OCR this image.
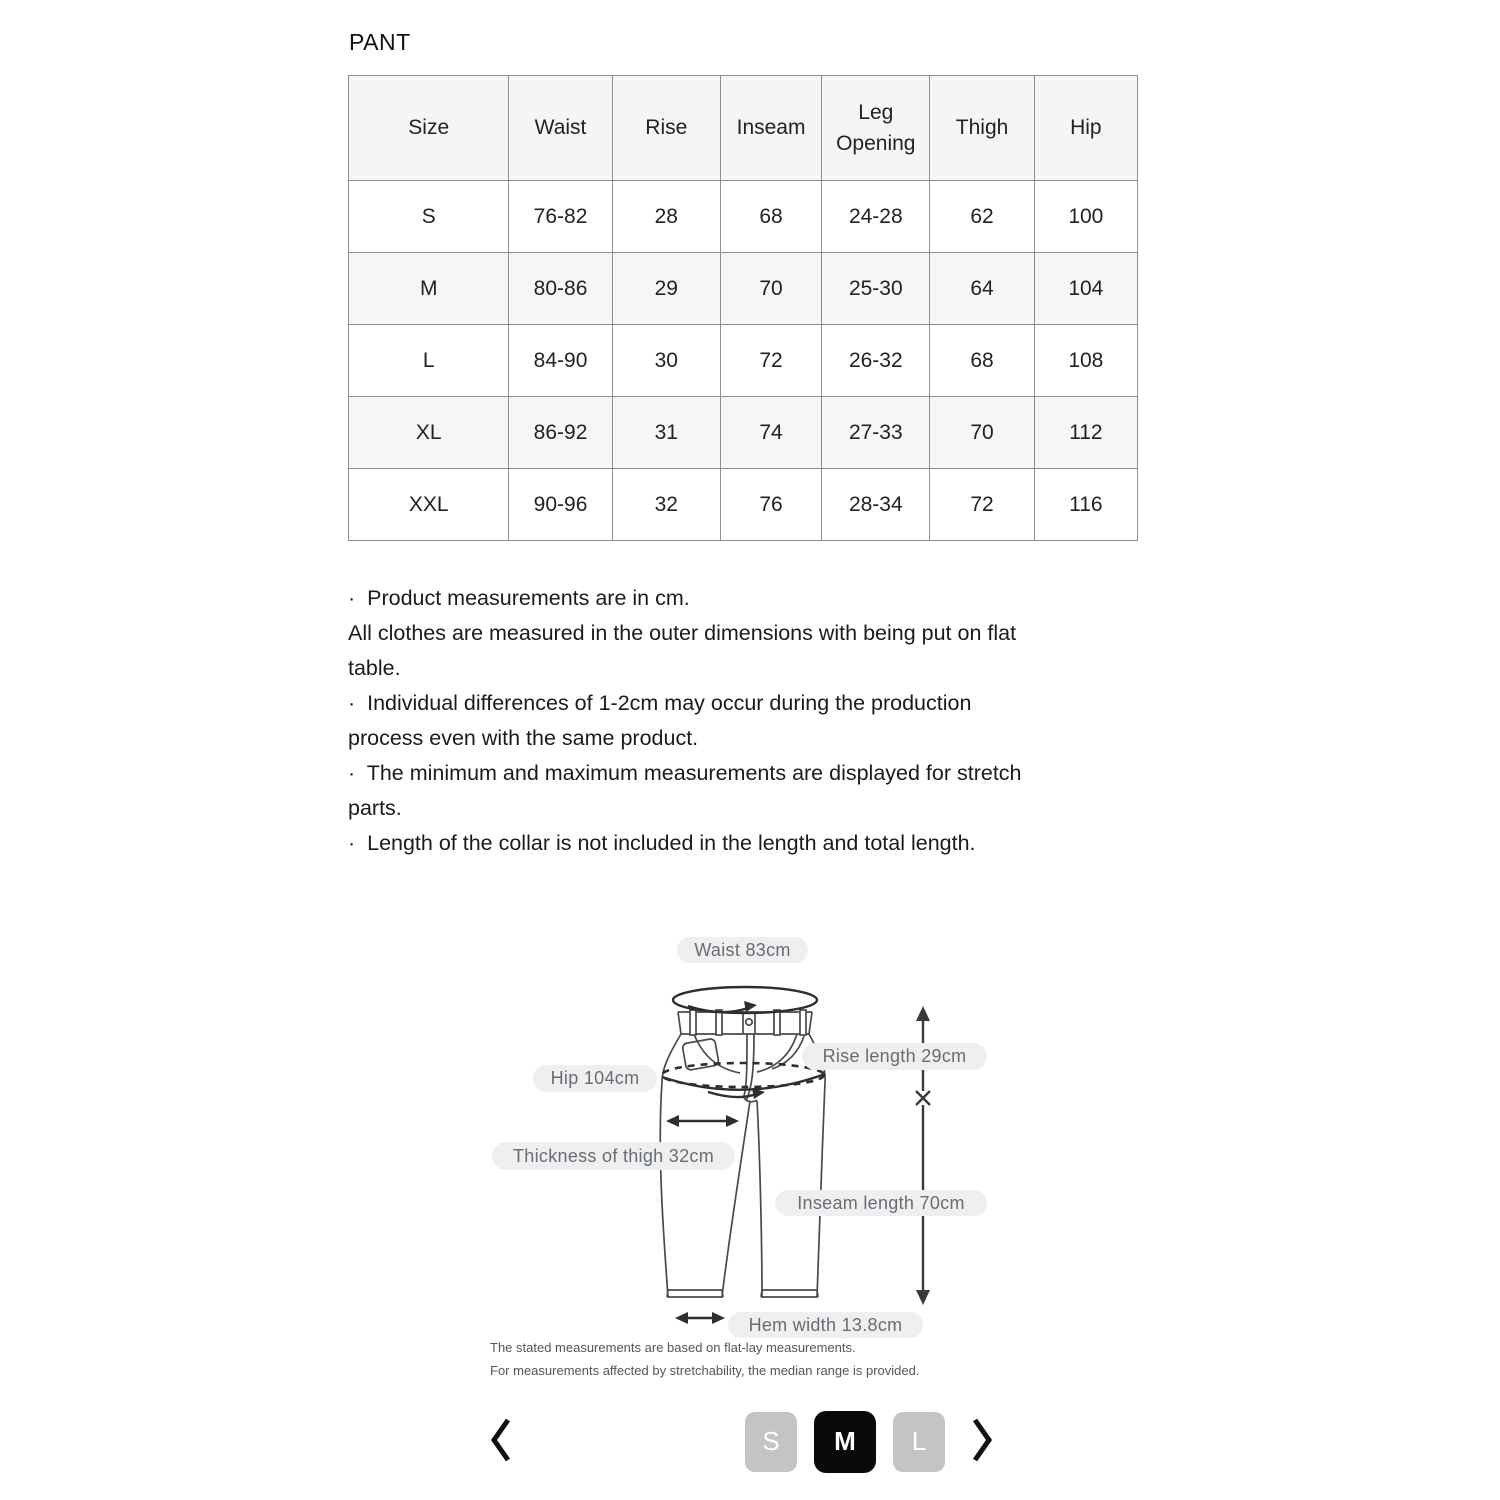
PANT
Size	Waist	Rise	Inseam	Leg Opening	Thigh	Hip
S	76-82	28	68	24-28	62	100
M	80-86	29	70	25-30	64	104
L	84-90	30	72	26-32	68	108
XL	86-92	31	74	27-33	70	112
XXL	90-96	32	76	28-34	72	116
·  Product measurements are in cm.
All clothes are measured in the outer dimensions with being put on flat
table.
·  Individual differences of 1-2cm may occur during the production
process even with the same product.
·  The minimum and maximum measurements are displayed for stretch
parts.
·  Length of the collar is not included in the length and total length.
Waist 83cm
Rise length 29cm
Hip 104cm
Thickness of thigh 32cm
Inseam length 70cm
Hem width 13.8cm
The stated measurements are based on flat-lay measurements.
For measurements affected by stretchability, the median range is provided.
S	M	L
